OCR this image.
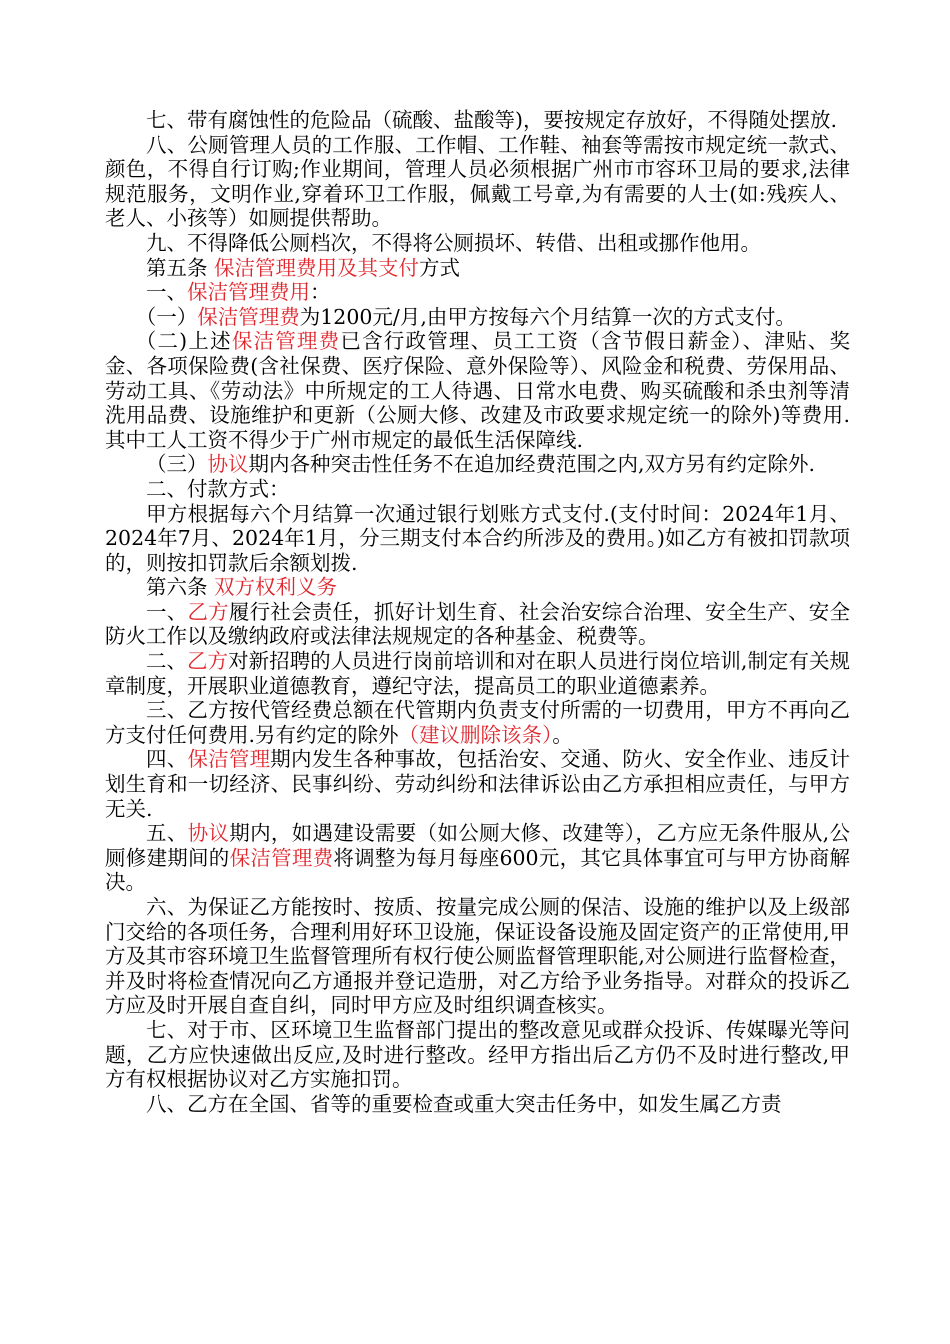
七、带有腐蚀性的危险品（硫酸、盐酸等)，要按规定存放好，不得随处摆放.

八、公厕管理人员的工作服、工作帽、工作鞋、袖套等需按市规定统一款式、颜色，不得自行订购;作业期间，管理人员必须根据广州市市容环卫局的要求,法律规范服务，文明作业,穿着环卫工作服，佩戴工号章,为有需要的人士(如:残疾人、老人、小孩等）如厕提供帮助。

九、不得降低公厕档次，不得将公厕损坏、转借、出租或挪作他用。

第五条 保洁管理费用及其支付方式

一、保洁管理费用：

（一）保洁管理费为1200元/月,由甲方按每六个月结算一次的方式支付。

（二)上述保洁管理费已含行政管理、员工工资（含节假日薪金）、津贴、奖金、各项保险费(含社保费、医疗保险、意外保险等）、风险金和税费、劳保用品、劳动工具、《劳动法》中所规定的工人待遇、日常水电费、购买硫酸和杀虫剂等清洗用品费、设施维护和更新（公厕大修、改建及市政要求规定统一的除外)等费用.其中工人工资不得少于广州市规定的最低生活保障线.

（三）协议期内各种突击性任务不在追加经费范围之内,双方另有约定除外.

二、付款方式：

甲方根据每六个月结算一次通过银行划账方式支付.(支付时间：2024年1月、2024年7月、2024年1月，分三期支付本合约所涉及的费用。)如乙方有被扣罚款项的，则按扣罚款后余额划拨.

第六条 双方权利义务

一、乙方履行社会责任，抓好计划生育、社会治安综合治理、安全生产、安全防火工作以及缴纳政府或法律法规规定的各种基金、税费等。

二、乙方对新招聘的人员进行岗前培训和对在职人员进行岗位培训,制定有关规章制度，开展职业道德教育，遵纪守法，提高员工的职业道德素养。

三、乙方按代管经费总额在代管期内负责支付所需的一切费用，甲方不再向乙方支付任何费用.另有约定的除外（建议删除该条）。

四、保洁管理期内发生各种事故，包括治安、交通、防火、安全作业、违反计划生育和一切经济、民事纠纷、劳动纠纷和法律诉讼由乙方承担相应责任，与甲方无关.

五、协议期内，如遇建设需要（如公厕大修、改建等），乙方应无条件服从,公厕修建期间的保洁管理费将调整为每月每座600元，其它具体事宜可与甲方协商解决。

六、为保证乙方能按时、按质、按量完成公厕的保洁、设施的维护以及上级部门交给的各项任务，合理利用好环卫设施，保证设备设施及固定资产的正常使用,甲方及其市容环境卫生监督管理所有权行使公厕监督管理职能,对公厕进行监督检查，并及时将检查情况向乙方通报并登记造册，对乙方给予业务指导。对群众的投诉乙方应及时开展自查自纠，同时甲方应及时组织调查核实。

七、对于市、区环境卫生监督部门提出的整改意见或群众投诉、传媒曝光等问题，乙方应快速做出反应,及时进行整改。经甲方指出后乙方仍不及时进行整改,甲方有权根据协议对乙方实施扣罚。

八、乙方在全国、省等的重要检查或重大突击任务中，如发生属乙方责
